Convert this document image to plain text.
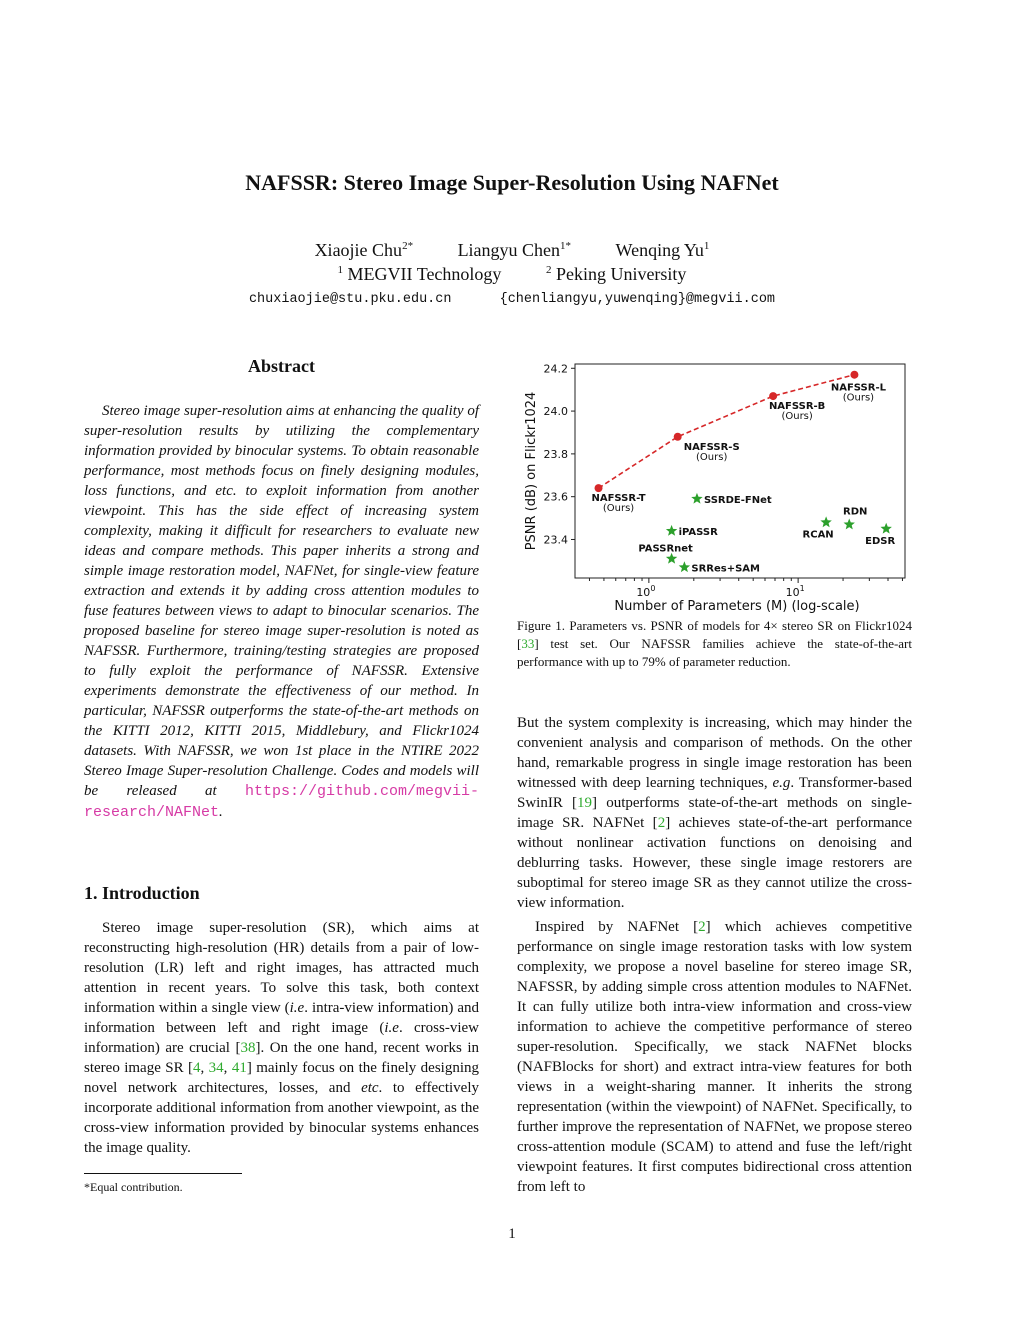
NAFSSR: Stereo Image Super-Resolution Using NAFNet
Xiaojie Chu$^{2*}$ Liangyu Chen$^{1*}$ Wenqing Yu$^1$
$^1$ MEGVII Technology	$^2$ Peking University
chuxiaojie@stu.pku.edu.cn	{chenliangyu,yuwenqing}@megvii.com
Abstract

Stereo image super-resolution aims at enhancing the quality of super-resolution results by utilizing the complementary information provided by binocular systems. To obtain reasonable performance, most methods focus on finely designing modules, loss functions, and etc. to exploit information from another viewpoint. This has the side effect of increasing system complexity, making it difficult for researchers to evaluate new ideas and compare methods. This paper inherits a strong and simple image restoration model, NAFNet, for single-view feature extraction and extends it by adding cross attention modules to fuse features between views to adapt to binocular scenarios. The proposed baseline for stereo image super-resolution is noted as NAFSSR. Furthermore, training/testing strategies are proposed to fully exploit the performance of NAFSSR. Extensive experiments demonstrate the effectiveness of our method. In particular, NAFSSR outperforms the state-of-the-art methods on the KITTI 2012, KITTI 2015, Middlebury, and Flickr1024 datasets. With NAFSSR, we won 1st place in the NTIRE 2022 Stereo Image Super-resolution Challenge. Codes and models will be released at https://github.com/megvii-research/NAFNet.

1. Introduction

Stereo image super-resolution (SR), which aims at reconstructing high-resolution (HR) details from a pair of low-resolution (LR) left and right images, has attracted much attention in recent years. To solve this task, both context information within a single view (i.e. intra-view information) and information between left and right image (i.e. cross-view information) are crucial [38]. On the one hand, recent works in stereo image SR [4, 34, 41] mainly focus on the finely designing novel network architectures, losses, and etc. to effectively incorporate additional information from another viewpoint, as the cross-view information provided by binocular systems enhances the image quality.

*Equal contribution.
23.4
23.6
23.8
24.0
24.2
$10^0$	$10^1$
NAFSSR-T
(Ours)
NAFSSR-S
(Ours)
NAFSSR-B
(Ours)
NAFSSR-L
(Ours)
SSRDE-FNet
iPASSR
PASSRnet
SRRes+SAM
RCAN
RDN
EDSR
Number of Parameters (M) (log-scale)
PSNR (dB) on Flickr1024
Figure 1. Parameters vs. PSNR of models for 4× stereo SR on Flickr1024 [33] test set. Our NAFSSR families achieve the state-of-the-art performance with up to 79% of parameter reduction.

But the system complexity is increasing, which may hinder the convenient analysis and comparison of methods. On the other hand, remarkable progress in single image restoration has been witnessed with deep learning techniques, e.g. Transformer-based SwinIR [19] outperforms state-of-the-art methods on single-image SR. NAFNet [2] achieves state-of-the-art performance without nonlinear activation functions on denoising and deblurring tasks. However, these single image restorers are suboptimal for stereo image SR as they cannot utilize the cross-view information.

Inspired by NAFNet [2] which achieves competitive performance on single image restoration tasks with low system complexity, we propose a novel baseline for stereo image SR, NAFSSR, by adding simple cross attention modules to NAFNet. It can fully utilize both intra-view information and cross-view information to achieve the competitive performance of stereo super-resolution. Specifically, we stack NAFNet blocks (NAFBlocks for short) and extract intra-view features for both views in a weight-sharing manner. It inherits the strong representation (within the viewpoint) of NAFNet. Specifically, to further improve the representation of NAFNet, we propose stereo cross-attention module (SCAM) to attend and fuse the left/right viewpoint features. It first computes bidirectional cross attention from left to

1
